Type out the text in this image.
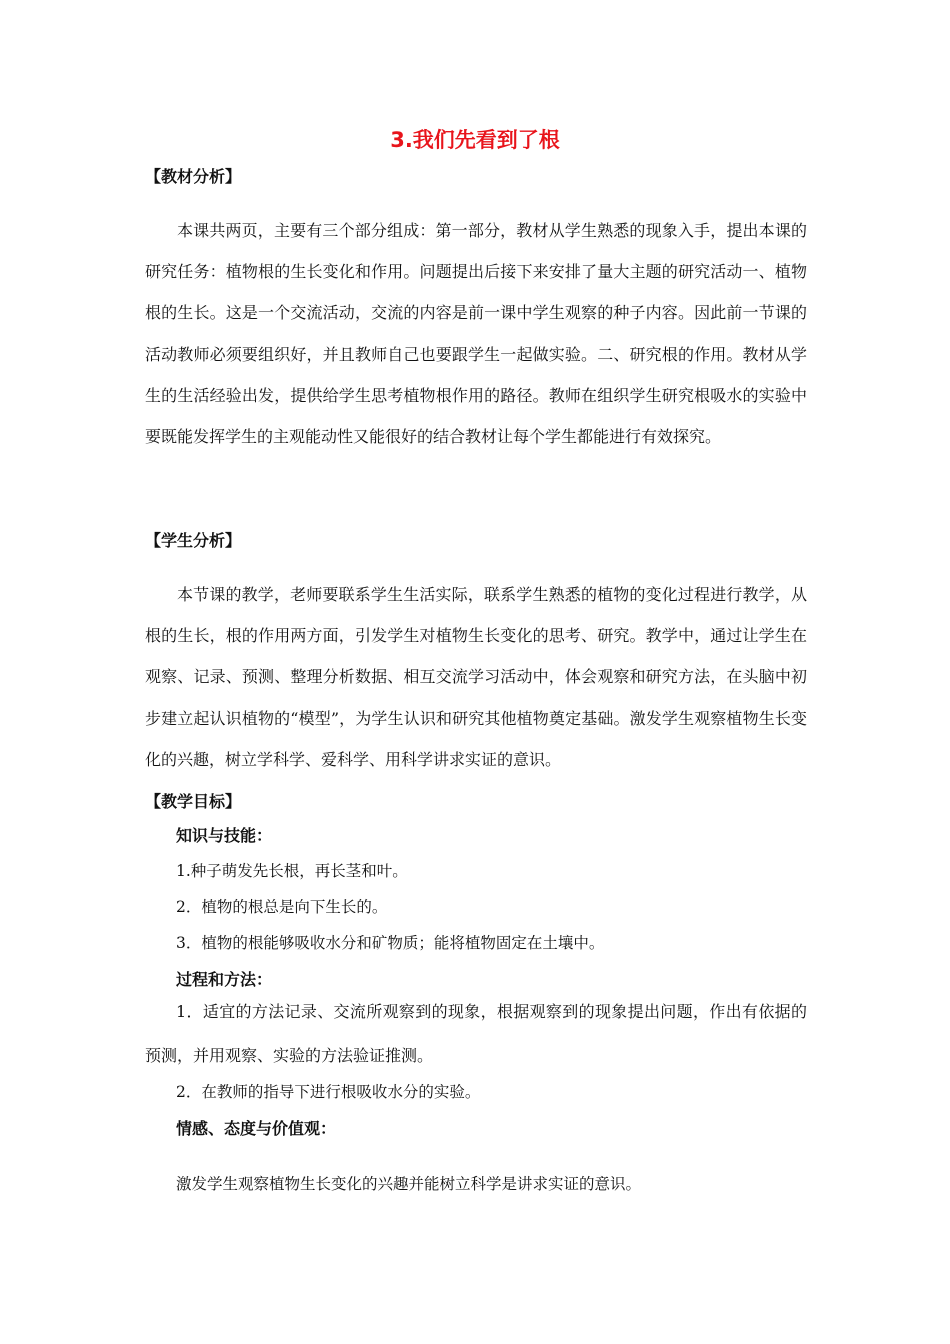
3.我们先看到了根
【教材分析】

本课共两页，主要有三个部分组成：第一部分，教材从学生熟悉的现象入手，提出本课的研究任务：植物根的生长变化和作用。问题提出后接下来安排了量大主题的研究活动一、植物根的生长。这是一个交流活动，交流的内容是前一课中学生观察的种子内容。因此前一节课的活动教师必须要组织好，并且教师自己也要跟学生一起做实验。二、研究根的作用。教材从学生的生活经验出发，提供给学生思考植物根作用的路径。教师在组织学生研究根吸水的实验中要既能发挥学生的主观能动性又能很好的结合教材让每个学生都能进行有效探究。

【学生分析】

本节课的教学，老师要联系学生生活实际，联系学生熟悉的植物的变化过程进行教学，从根的生长，根的作用两方面，引发学生对植物生长变化的思考、研究。教学中，通过让学生在观察、记录、预测、整理分析数据、相互交流学习活动中，体会观察和研究方法，在头脑中初步建立起认识植物的“模型”，为学生认识和研究其他植物奠定基础。激发学生观察植物生长变化的兴趣，树立学科学、爱科学、用科学讲求实证的意识。

【教学目标】
知识与技能：
1.种子萌发先长根，再长茎和叶。
2．植物的根总是向下生长的。
3．植物的根能够吸收水分和矿物质；能将植物固定在土壤中。
过程和方法：

1．适宜的方法记录、交流所观察到的现象，根据观察到的现象提出问题，作出有依据的预测，并用观察、实验的方法验证推测。

2．在教师的指导下进行根吸收水分的实验。
情感、态度与价值观：
激发学生观察植物生长变化的兴趣并能树立科学是讲求实证的意识。
